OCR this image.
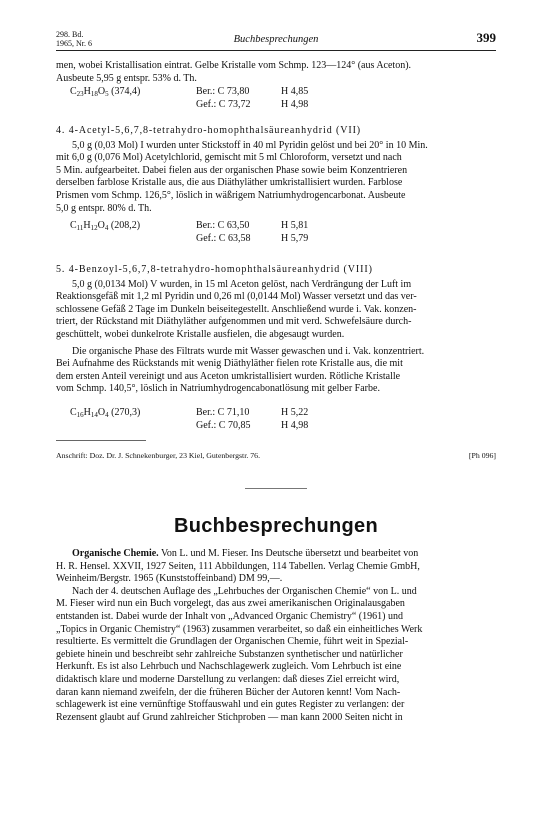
298. Bd.
1965, Nr. 6	Buchbesprechungen	399

men, wobei Kristallisation eintrat. Gelbe Kristalle vom Schmp. 123—124° (aus Aceton).

Ausbeute 5,95 g entspr. 53% d. Th.

$C_{23}H_{18}O_5$ (374,4)	Ber.: C 73,80	H 4,85
Gef.: C 73,72	H 4,98

4. 4-Acetyl-5,6,7,8-tetrahydro-homophthalsäureanhydrid (VII)

5,0 g (0,03 Mol) I wurden unter Stickstoff in 40 ml Pyridin gelöst und bei 20° in 10 Min.

mit 6,0 g (0,076 Mol) Acetylchlorid, gemischt mit 5 ml Chloroform, versetzt und nach

5 Min. aufgearbeitet. Dabei fielen aus der organischen Phase sowie beim Konzentrieren

derselben farblose Kristalle aus, die aus Diäthyläther umkristallisiert wurden. Farblose

Prismen vom Schmp. 126,5°, löslich in wäßrigem Natriumhydrogencarbonat. Ausbeute

5,0 g entspr. 80% d. Th.

$C_{11}H_{12}O_4$ (208,2)	Ber.: C 63,50	H 5,81
Gef.: C 63,58	H 5,79

5. 4-Benzoyl-5,6,7,8-tetrahydro-homophthalsäureanhydrid (VIII)

5,0 g (0,0134 Mol) V wurden, in 15 ml Aceton gelöst, nach Verdrängung der Luft im

Reaktionsgefäß mit 1,2 ml Pyridin und 0,26 ml (0,0144 Mol) Wasser versetzt und das ver-

schlossene Gefäß 2 Tage im Dunkeln beiseitegestellt. Anschließend wurde i. Vak. konzen-

triert, der Rückstand mit Diäthyläther aufgenommen und mit verd. Schwefelsäure durch-

geschüttelt, wobei dunkelrote Kristalle ausfielen, die abgesaugt wurden.

Die organische Phase des Filtrats wurde mit Wasser gewaschen und i. Vak. konzentriert.

Bei Aufnahme des Rückstands mit wenig Diäthyläther fielen rote Kristalle aus, die mit

dem ersten Anteil vereinigt und aus Aceton umkristallisiert wurden. Rötliche Kristalle

vom Schmp. 140,5°, löslich in Natriumhydrogencabonatlösung mit gelber Farbe.

$C_{16}H_{14}O_4$ (270,3)	Ber.: C 71,10	H 5,22
Gef.: C 70,85	H 4,98
Anschrift: Doz. Dr. J. Schnekenburger, 23 Kiel, Gutenbergstr. 76.	[Ph 096]
Buchbesprechungen

Organische Chemie. Von L. und M. Fieser. Ins Deutsche übersetzt und bearbeitet von

H. R. Hensel. XXVII, 1927 Seiten, 111 Abbildungen, 114 Tabellen. Verlag Chemie GmbH,

Weinheim/Bergstr. 1965 (Kunststoffeinband) DM 99,—.

Nach der 4. deutschen Auflage des „Lehrbuches der Organischen Chemie“ von L. und

M. Fieser wird nun ein Buch vorgelegt, das aus zwei amerikanischen Originalausgaben

entstanden ist. Dabei wurde der Inhalt von „Advanced Organic Chemistry“ (1961) und

„Topics in Organic Chemistry“ (1963) zusammen verarbeitet, so daß ein einheitliches Werk

resultierte. Es vermittelt die Grundlagen der Organischen Chemie, führt weit in Spezial-

gebiete hinein und beschreibt sehr zahlreiche Substanzen synthetischer und natürlicher

Herkunft. Es ist also Lehrbuch und Nachschlagewerk zugleich. Vom Lehrbuch ist eine

didaktisch klare und moderne Darstellung zu verlangen: daß dieses Ziel erreicht wird,

daran kann niemand zweifeln, der die früheren Bücher der Autoren kennt! Vom Nach-

schlagewerk ist eine vernünftige Stoffauswahl und ein gutes Register zu verlangen: der

Rezensent glaubt auf Grund zahlreicher Stichproben — man kann 2000 Seiten nicht in
